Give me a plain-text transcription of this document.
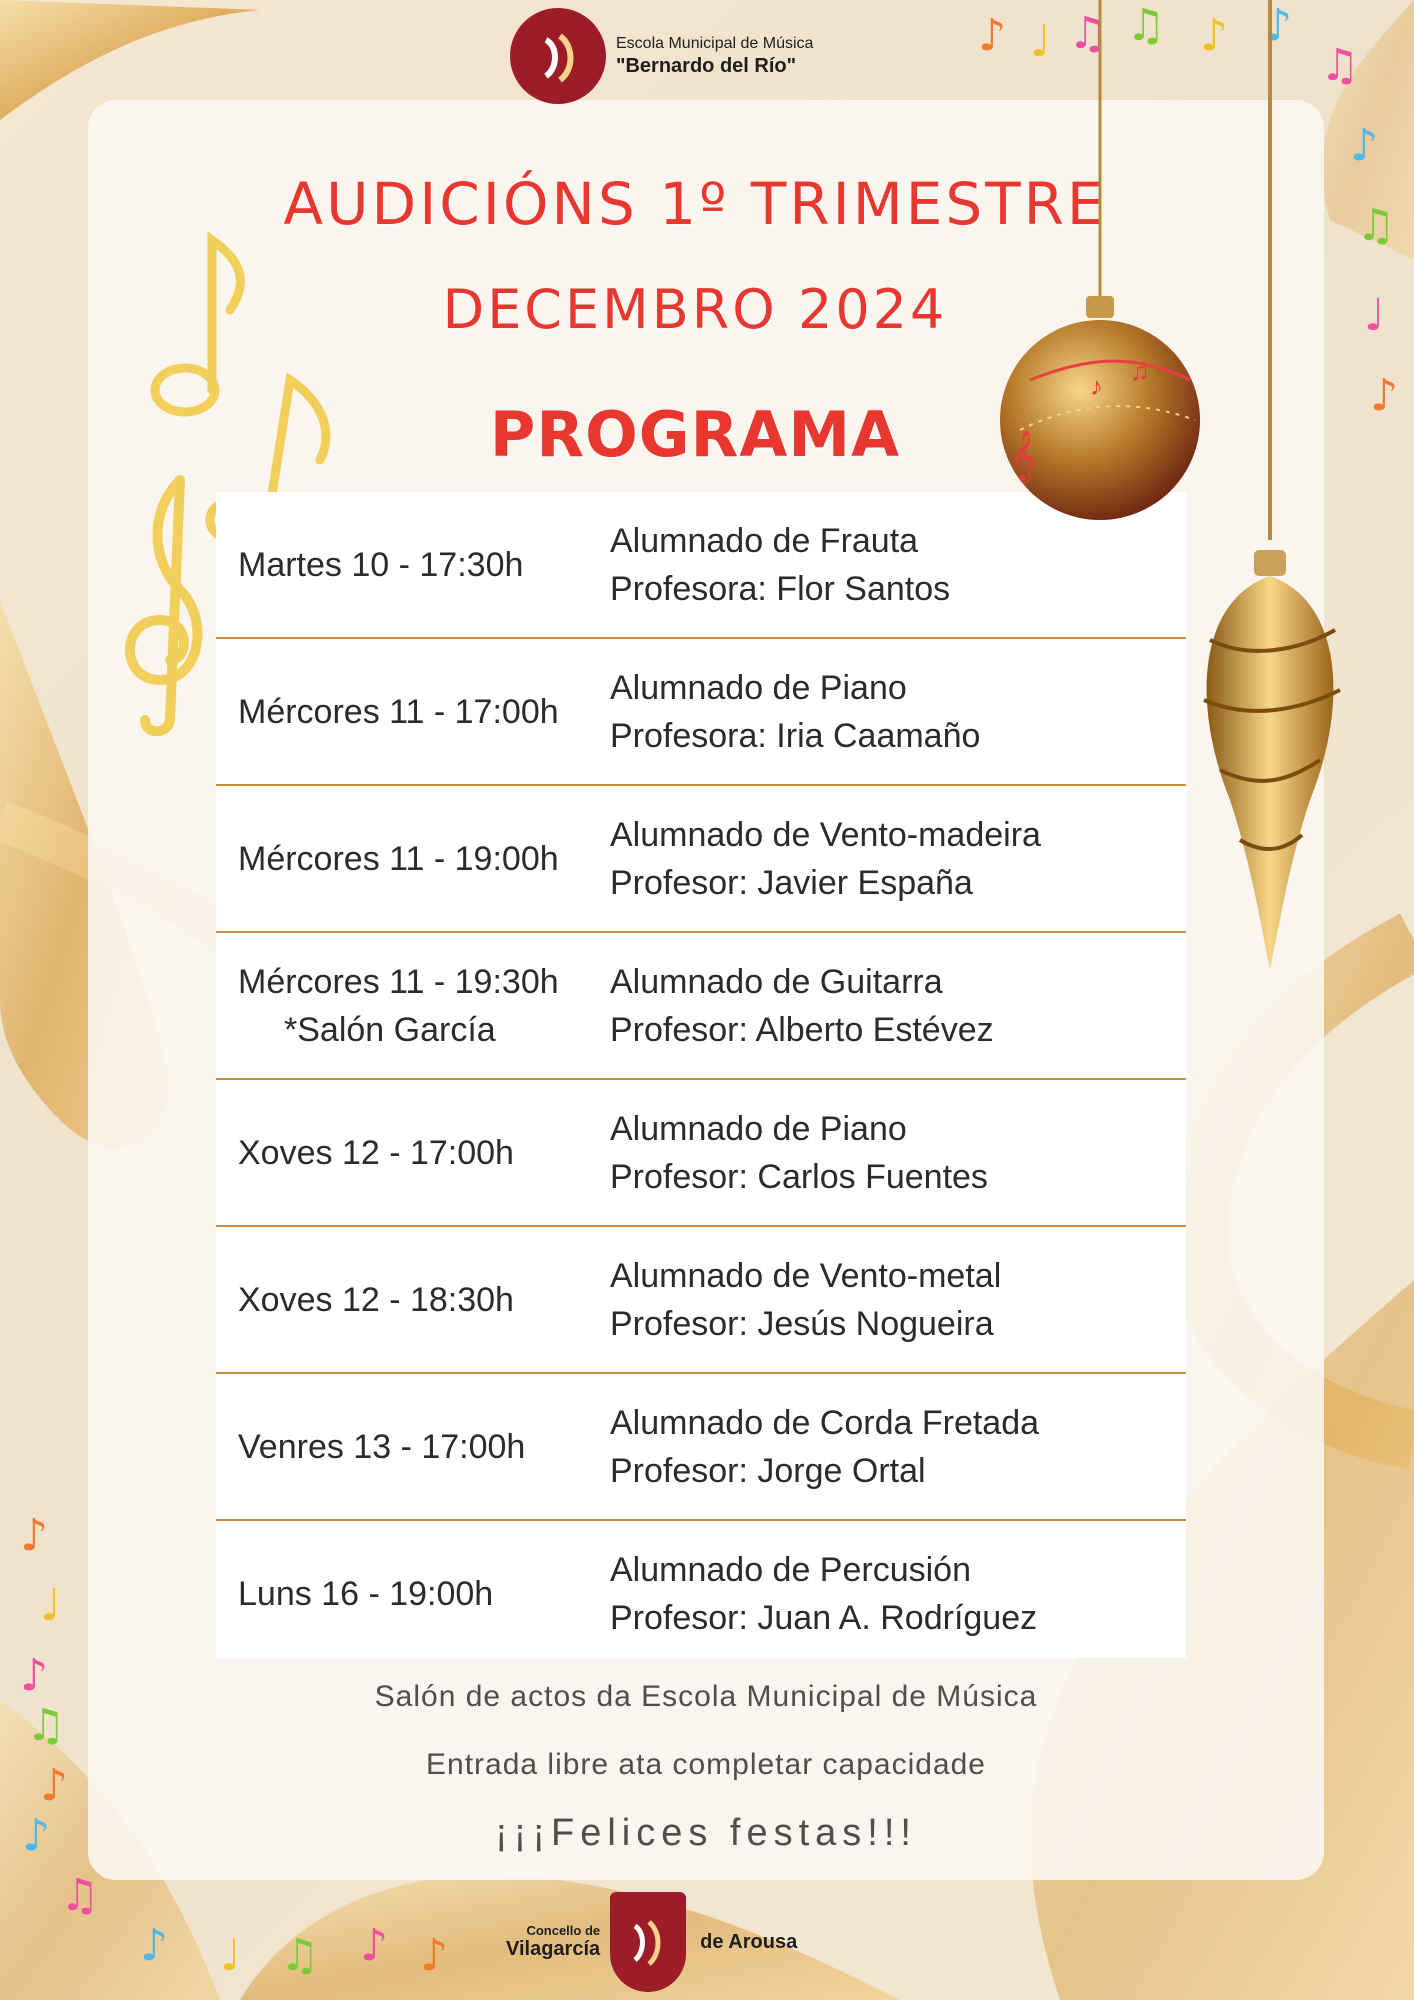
Escola Municipal de Música
"Bernardo del Río"
AUDICIÓNS 1º TRIMESTRE
DECEMBRO 2024
PROGRAMA
♪ ♩ ♫ ♫ ♪ ♪
♫
♪
♫
♩
♪
♪
♩
♪
♫
♪
♪
♫
♪ ♩ ♫ ♪ ♪
𝄞
♪ ♫
Martes 10 - 17:30h
Alumnado de Frauta
Profesora: Flor Santos
Mércores 11 - 17:00h
Alumnado de Piano
Profesora: Iria Caamaño
Mércores 11 - 19:00h
Alumnado de Vento-madeira
Profesor: Javier España
Mércores 11 - 19:30h
*Salón García
Alumnado de Guitarra
Profesor: Alberto Estévez
Xoves 12 - 17:00h
Alumnado de Piano
Profesor: Carlos Fuentes
Xoves 12 - 18:30h
Alumnado de Vento-metal
Profesor: Jesús Nogueira
Venres 13 - 17:00h
Alumnado de Corda Fretada
Profesor: Jorge Ortal
Luns 16 - 19:00h
Alumnado de Percusión
Profesor: Juan A. Rodríguez
Salón de actos da Escola Municipal de Música
Entrada libre ata completar capacidade
¡¡¡Felices festas!!!
Concello de
Vilagarcía	de Arousa
